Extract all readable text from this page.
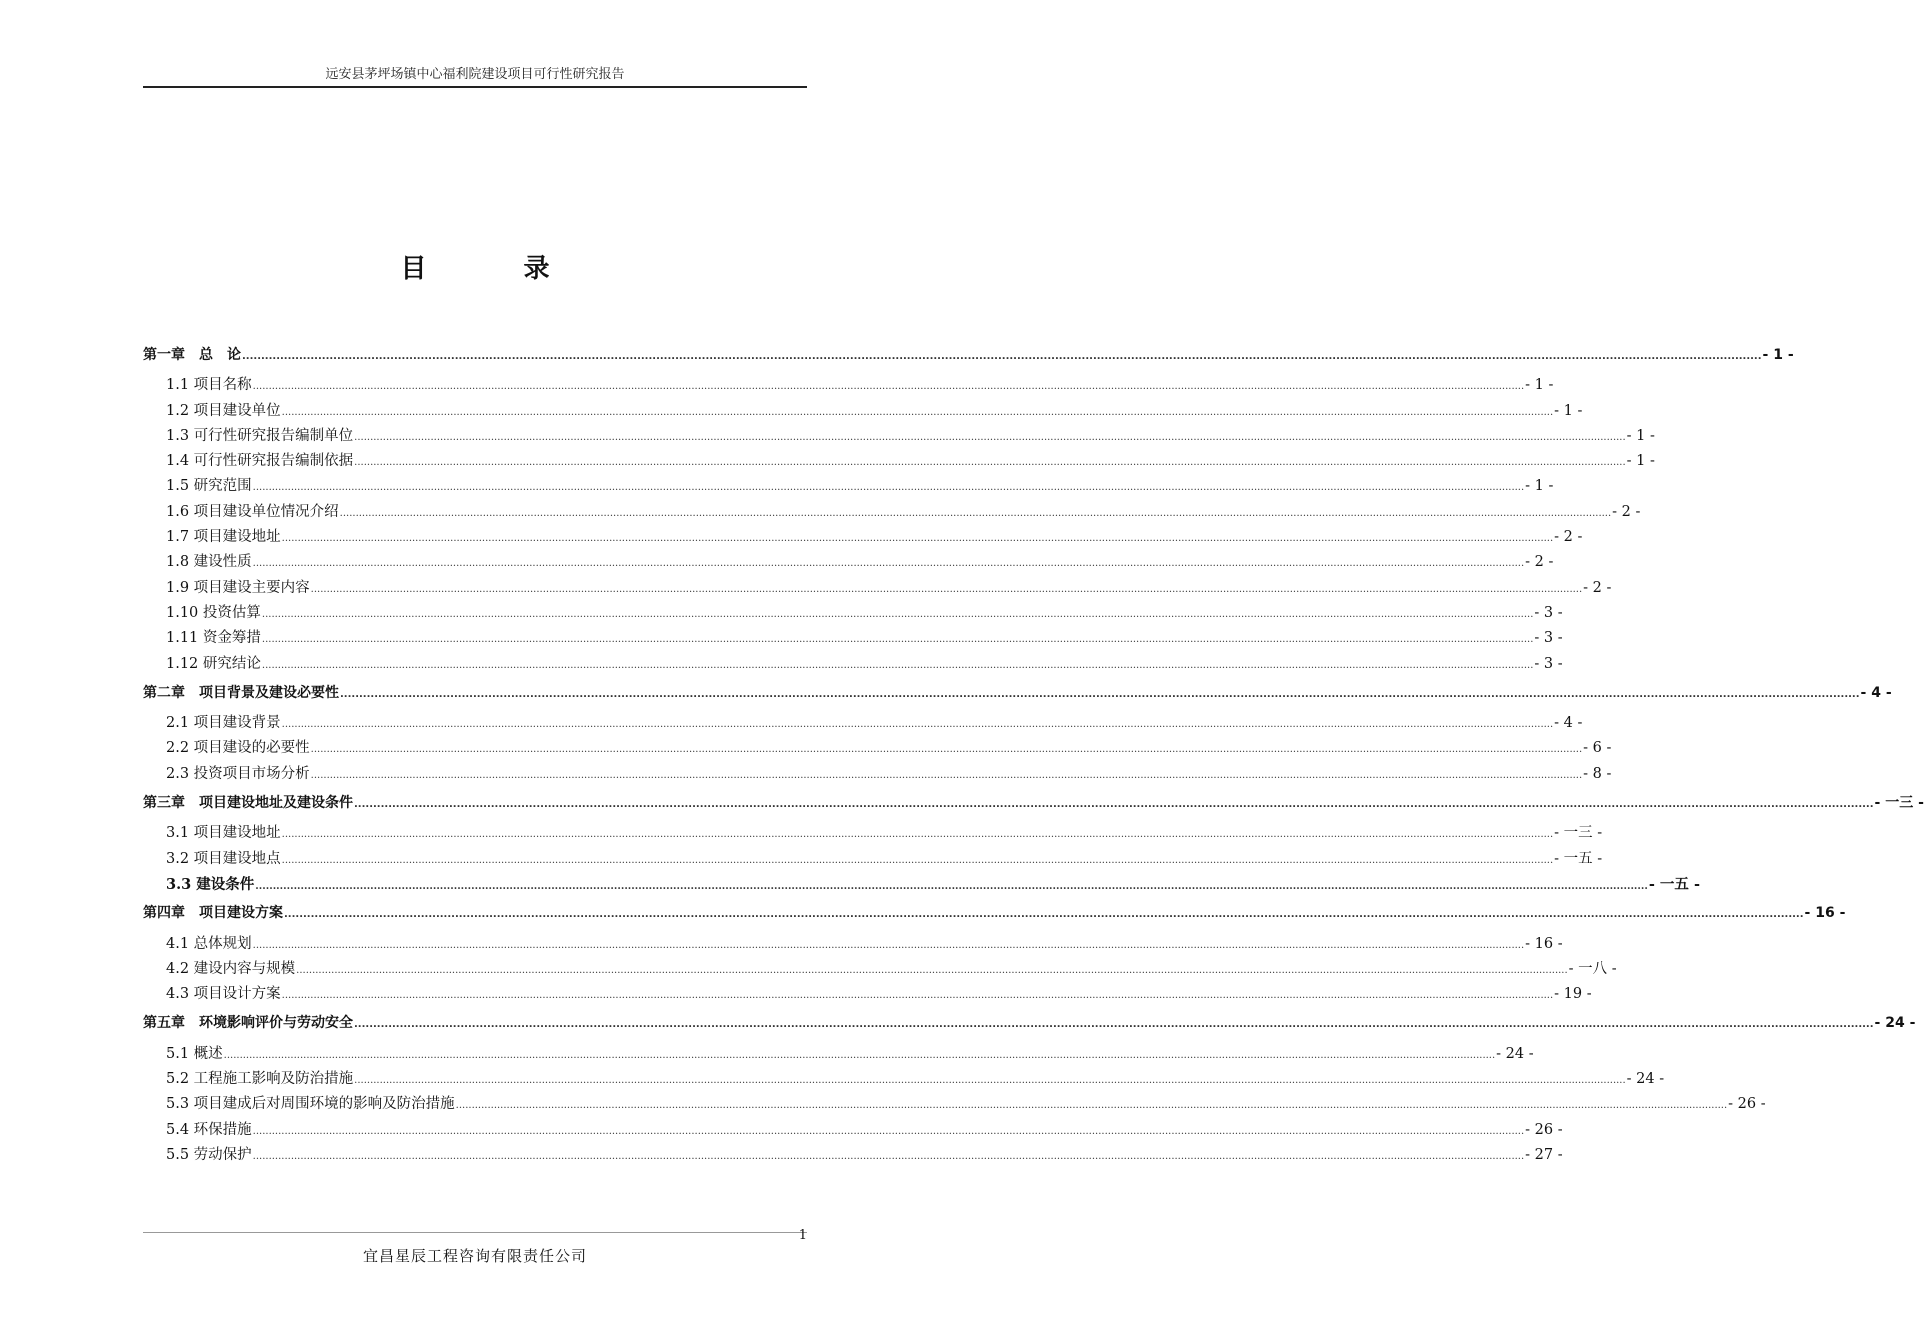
远安县茅坪场镇中心福利院建设项目可行性研究报告
目 录
第一章　总　论 ................................................................................................................................................................................................................................................................................................................................................................................................................ - 1 -
1.1 项目名称 ................................................................................................................................................................................................................................................................................................................................................................................................................ - 1 -
1.2 项目建设单位 ................................................................................................................................................................................................................................................................................................................................................................................................................ - 1 -
1.3 可行性研究报告编制单位 ................................................................................................................................................................................................................................................................................................................................................................................................................ - 1 -
1.4 可行性研究报告编制依据 ................................................................................................................................................................................................................................................................................................................................................................................................................ - 1 -
1.5 研究范围 ................................................................................................................................................................................................................................................................................................................................................................................................................ - 1 -
1.6 项目建设单位情况介绍 ................................................................................................................................................................................................................................................................................................................................................................................................................ - 2 -
1.7 项目建设地址 ................................................................................................................................................................................................................................................................................................................................................................................................................ - 2 -
1.8 建设性质 ................................................................................................................................................................................................................................................................................................................................................................................................................ - 2 -
1.9 项目建设主要内容 ................................................................................................................................................................................................................................................................................................................................................................................................................ - 2 -
1.10 投资估算 ................................................................................................................................................................................................................................................................................................................................................................................................................ - 3 -
1.11 资金筹措 ................................................................................................................................................................................................................................................................................................................................................................................................................ - 3 -
1.12 研究结论 ................................................................................................................................................................................................................................................................................................................................................................................................................ - 3 -
第二章　项目背景及建设必要性 ................................................................................................................................................................................................................................................................................................................................................................................................................ - 4 -
2.1 项目建设背景 ................................................................................................................................................................................................................................................................................................................................................................................................................ - 4 -
2.2 项目建设的必要性 ................................................................................................................................................................................................................................................................................................................................................................................................................ - 6 -
2.3 投资项目市场分析 ................................................................................................................................................................................................................................................................................................................................................................................................................ - 8 -
第三章　项目建设地址及建设条件 ................................................................................................................................................................................................................................................................................................................................................................................................................ - 一三 -
3.1 项目建设地址 ................................................................................................................................................................................................................................................................................................................................................................................................................ - 一三 -
3.2 项目建设地点 ................................................................................................................................................................................................................................................................................................................................................................................................................ - 一五 -
3.3 建设条件 ................................................................................................................................................................................................................................................................................................................................................................................................................ - 一五 -
第四章　项目建设方案 ................................................................................................................................................................................................................................................................................................................................................................................................................ - 16 -
4.1 总体规划 ................................................................................................................................................................................................................................................................................................................................................................................................................ - 16 -
4.2 建设内容与规模 ................................................................................................................................................................................................................................................................................................................................................................................................................ - 一八 -
4.3 项目设计方案 ................................................................................................................................................................................................................................................................................................................................................................................................................ - 19 -
第五章　环境影响评价与劳动安全 ................................................................................................................................................................................................................................................................................................................................................................................................................ - 24 -
5.1 概述 ................................................................................................................................................................................................................................................................................................................................................................................................................ - 24 -
5.2 工程施工影响及防治措施 ................................................................................................................................................................................................................................................................................................................................................................................................................ - 24 -
5.3 项目建成后对周围环境的影响及防治措施 ................................................................................................................................................................................................................................................................................................................................................................................................................ - 26 -
5.4 环保措施 ................................................................................................................................................................................................................................................................................................................................................................................................................ - 26 -
5.5 劳动保护 ................................................................................................................................................................................................................................................................................................................................................................................................................ - 27 -
1
宜昌星辰工程咨询有限责任公司
